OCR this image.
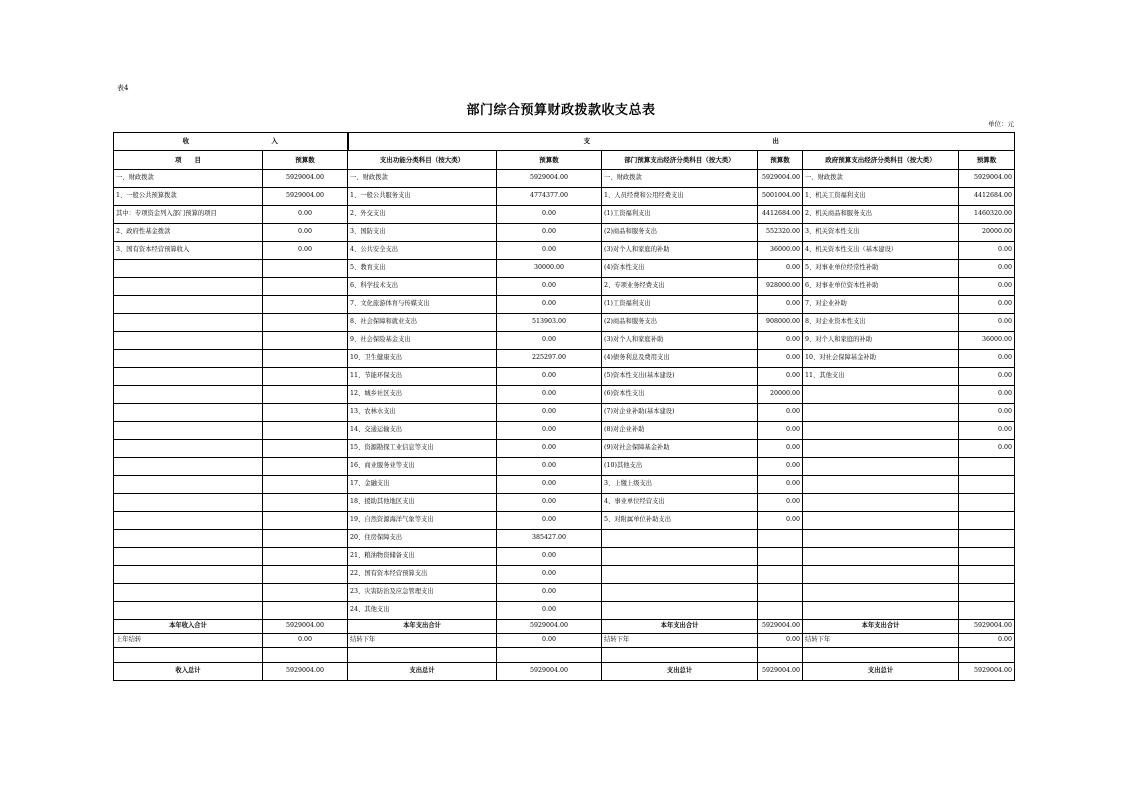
表4
部门综合预算财政拨款收支总表
单位：元
收 入		支 出					
项　　目	预算数	支出功能分类科目（按大类）	预算数	部门预算支出经济分类科目（按大类）	预算数	政府预算支出经济分类科目（按大类）	预算数
一、财政拨款	5929004.00	一、财政拨款	5929004.00	一、财政拨款	5929004.00	一、财政拨款	5929004.00
1、一般公共预算拨款	5929004.00	1、一般公共服务支出	4774377.00	1、人员经费和公用经费支出	5001004.00	1、机关工资福利支出	4412684.00
其中：专项资金列入部门预算的项目	0.00	2、外交支出	0.00	(1)工资福利支出	4412684.00	2、机关商品和服务支出	1460320.00
2、政府性基金拨款	0.00	3、国防支出	0.00	(2)商品和服务支出	552320.00	3、机关资本性支出	20000.00
3、国有资本经营预算收入	0.00	4、公共安全支出	0.00	(3)对个人和家庭的补助	36000.00	4、机关资本性支出（基本建设）	0.00
		5、教育支出	30000.00	(4)资本性支出	0.00	5、对事业单位经常性补助	0.00
		6、科学技术支出	0.00	2、专项业务经费支出	928000.00	6、对事业单位资本性补助	0.00
		7、文化旅游体育与传媒支出	0.00	(1)工资福利支出	0.00	7、对企业补助	0.00
		8、社会保障和就业支出	513903.00	(2)商品和服务支出	908000.00	8、对企业资本性支出	0.00
		9、社会保险基金支出	0.00	(3)对个人和家庭补助	0.00	9、对个人和家庭的补助	36000.00
		10、卫生健康支出	225297.00	(4)债务利息及费用支出	0.00	10、对社会保障基金补助	0.00
		11、节能环保支出	0.00	(5)资本性支出(基本建设)	0.00	11、其他支出	0.00
		12、城乡社区支出	0.00	(6)资本性支出	20000.00		0.00
		13、农林水支出	0.00	(7)对企业补助(基本建设)	0.00		0.00
		14、交通运输支出	0.00	(8)对企业补助	0.00		0.00
		15、资源勘探工业信息等支出	0.00	(9)对社会保障基金补助	0.00		0.00
		16、商业服务业等支出	0.00	(10)其他支出	0.00		
		17、金融支出	0.00	3、上缴上级支出	0.00		
		18、援助其他地区支出	0.00	4、事业单位经营支出	0.00		
		19、自然资源海洋气象等支出	0.00	5、对附属单位补助支出	0.00		
		20、住房保障支出	385427.00				
		21、粮油物资储备支出	0.00				
		22、国有资本经营预算支出	0.00				
		23、灾害防治及应急管理支出	0.00				
		24、其他支出	0.00				
本年收入合计	5929004.00	本年支出合计	5929004.00	本年支出合计	5929004.00	本年支出合计	5929004.00
上年结转	0.00	结转下年	0.00	结转下年	0.00	结转下年	0.00

收入总计	5929004.00	支出总计	5929004.00	支出总计	5929004.00	支出总计	5929004.00
